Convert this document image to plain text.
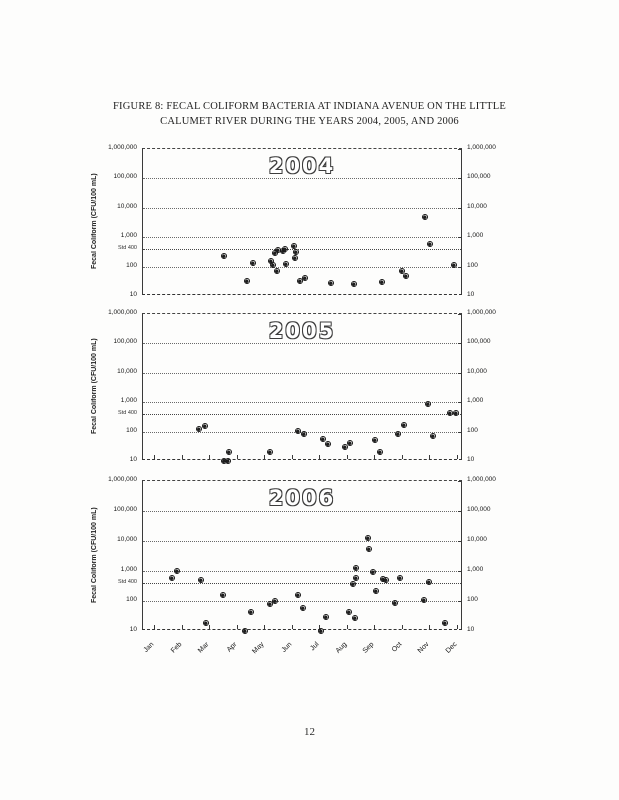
FIGURE 8: FECAL COLIFORM BACTERIA AT INDIANA AVENUE ON THE LITTLE
CALUMET RIVER DURING THE YEARS 2004, 2005, AND 2006
Fecal Coliform (CFU/100 mL)
1,000,000
100,000
10,000
1,000
Std 400
100
10
2004
1,000,000
100,000
10,000
1,000
100
10
Fecal Coliform (CFU/100 mL)
1,000,000
100,000
10,000
1,000
Std 400
100
10
2005
1,000,000
100,000
10,000
1,000
100
10
Fecal Coliform (CFU/100 mL)
1,000,000
100,000
10,000
1,000
Std 400
100
10
2006
1,000,000
100,000
10,000
1,000
100
10
Jan	Feb	Mar	Apr	May	Jun	Jul	Aug	Sep	Oct	Nov	Dec
12
